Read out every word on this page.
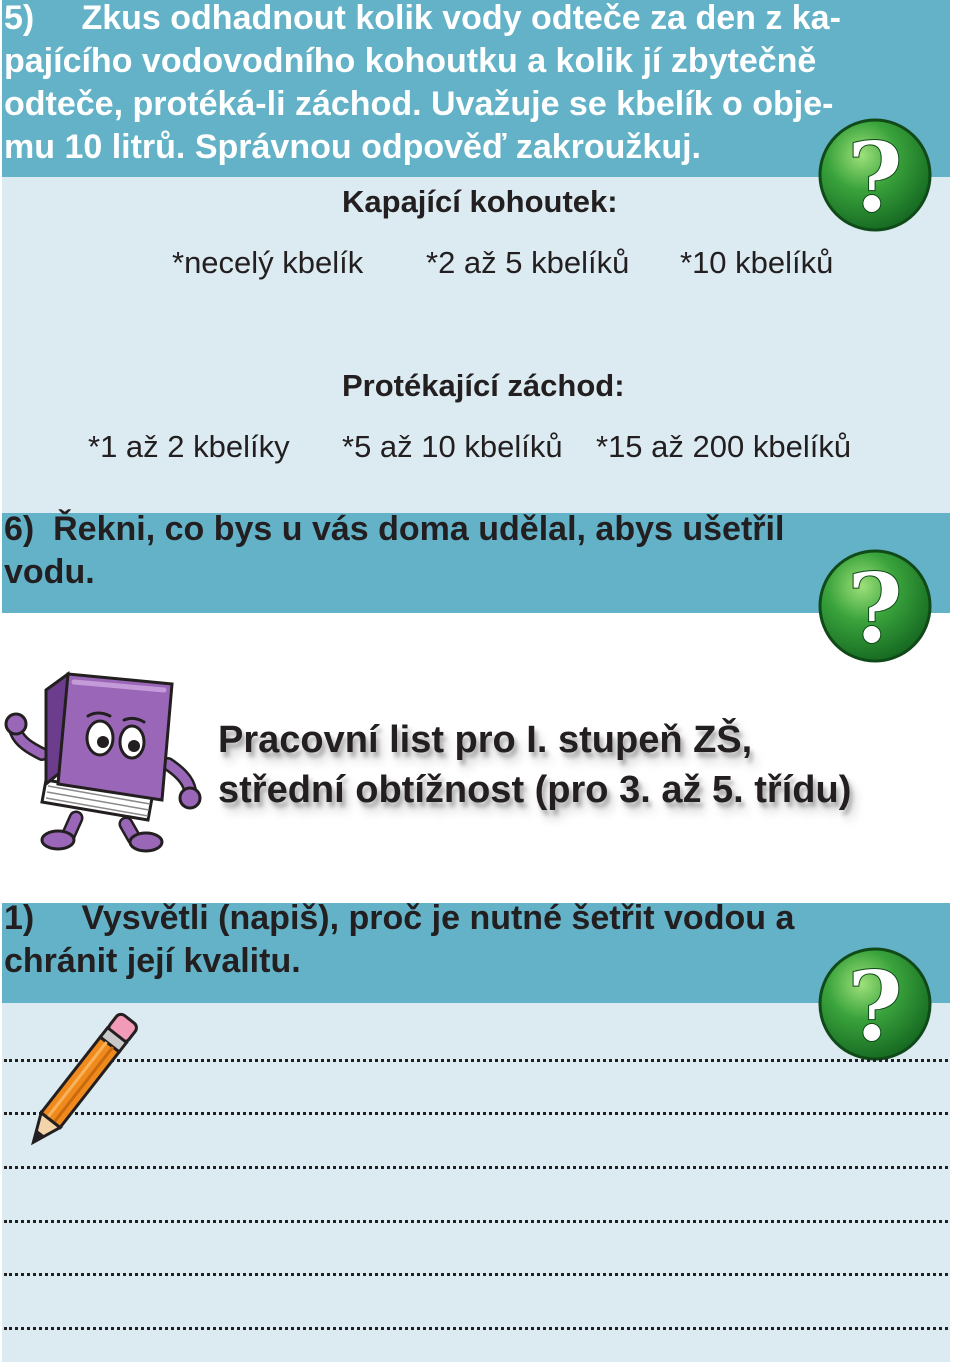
5)     Zkus odhadnout kolik vody odteče za den z ka-
pajícího vodovodního kohoutku a kolik jí zbytečně
odteče, protéká-li záchod. Uvažuje se kbelík o obje-
mu 10 litrů. Správnou odpověď zakroužkuj. ?
Kapající kohoutek:
*necelý kbelík *2 až 5 kbelíků *10 kbelíků
Protékající záchod:
*1 až 2 kbelíky *5 až 10 kbelíků *15 až 200 kbelíků
6)  Řekni, co bys u vás doma udělal, abys ušetřil
vodu.	?
Pracovní list pro I. stupeň ZŠ,
střední obtížnost (pro 3. až 5. třídu)
1)     Vysvětli (napiš), proč je nutné šetřit vodou a
chránit její kvalitu.	?
